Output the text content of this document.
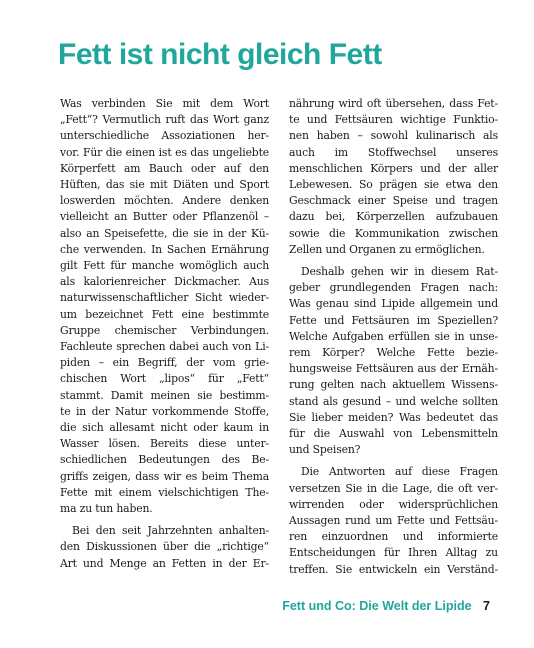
Fett ist nicht gleich Fett

Was verbinden Sie mit dem Wort
„Fett“? Vermutlich ruft das Wort ganz
unterschiedliche Assoziationen her-
vor. Für die einen ist es das ungeliebte
Körperfett am Bauch oder auf den
Hüften, das sie mit Diäten und Sport
loswerden möchten. Andere denken
vielleicht an Butter oder Pflanzenöl –
also an Speisefette, die sie in der Kü-
che verwenden. In Sachen Ernährung
gilt Fett für manche womöglich auch
als kalorienreicher Dickmacher. Aus
naturwissenschaftlicher Sicht wieder-
um bezeichnet Fett eine bestimmte
Gruppe chemischer Verbindungen.
Fachleute sprechen dabei auch von Li-
piden – ein Begriff, der vom grie-
chischen Wort „lipos“ für „Fett“
stammt. Damit meinen sie bestimm-
te in der Natur vorkommende Stoffe,
die sich allesamt nicht oder kaum in
Wasser lösen. Bereits diese unter-
schiedlichen Bedeutungen des Be-
griffs zeigen, dass wir es beim Thema
Fette mit einem vielschichtigen The-
ma zu tun haben.

Bei den seit Jahrzehnten anhalten-
den Diskussionen über die „richtige“
Art und Menge an Fetten in der Er-

nährung wird oft übersehen, dass Fet-
te und Fettsäuren wichtige Funktio-
nen haben – sowohl kulinarisch als
auch im Stoffwechsel unseres
menschlichen Körpers und der aller
Lebewesen. So prägen sie etwa den
Geschmack einer Speise und tragen
dazu bei, Körperzellen aufzubauen
sowie die Kommunikation zwischen
Zellen und Organen zu ermöglichen.

Deshalb gehen wir in diesem Rat-
geber grundlegenden Fragen nach:
Was genau sind Lipide allgemein und
Fette und Fettsäuren im Speziellen?
Welche Aufgaben erfüllen sie in unse-
rem Körper? Welche Fette bezie-
hungsweise Fettsäuren aus der Ernäh-
rung gelten nach aktuellem Wissens-
stand als gesund – und welche sollten
Sie lieber meiden? Was bedeutet das
für die Auswahl von Lebensmitteln
und Speisen?

Die Antworten auf diese Fragen
versetzen Sie in die Lage, die oft ver-
wirrenden oder widersprüchlichen
Aussagen rund um Fette und Fettsäu-
ren einzuordnen und informierte
Entscheidungen für Ihren Alltag zu
treffen. Sie entwickeln ein Verständ-

Fett und Co: Die Welt der Lipide 7
